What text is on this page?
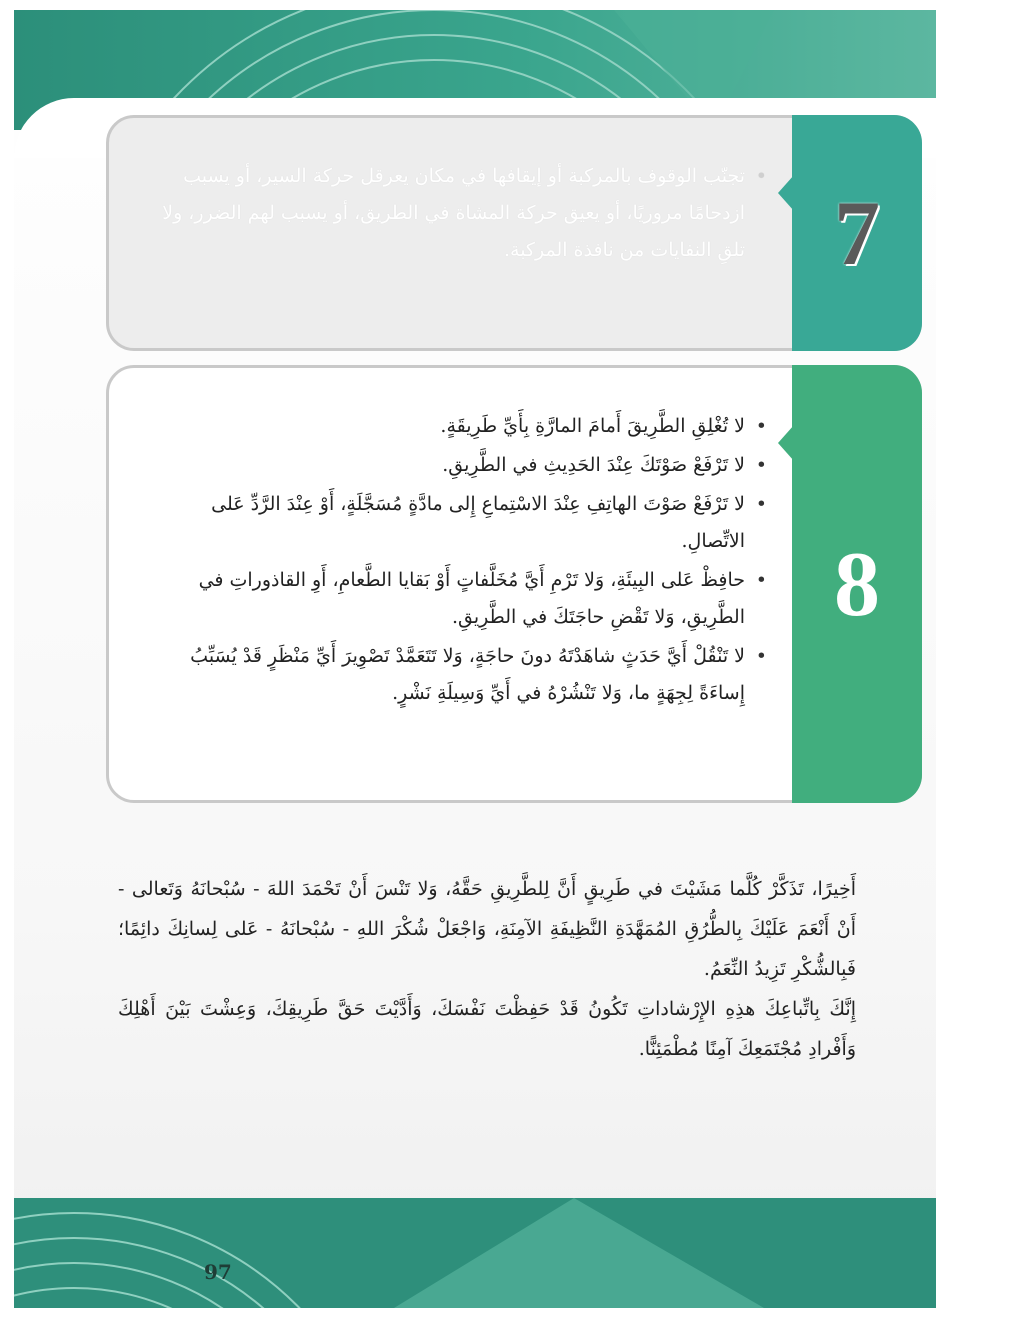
7
• تجنّب الوقوف بالمركبة أو إيقافها في مكان يعرقل حركة السير، أو يسبب ازدحامًا مروريًا، أو يعيق حركة المشاة في الطريق، أو يسبب لهم الضرر، ولا تلقِ النفايات من نافذة المركبة.
8
• لا تُغْلِقِ الطَّرِيقَ أَمامَ المارَّةِ بِأَيِّ طَرِيقَةٍ.
• لا تَرْفَعْ صَوْتَكَ عِنْدَ الحَدِيثِ في الطَّرِيقِ.
• لا تَرْفَعْ صَوْتَ الهاتِفِ عِنْدَ الاسْتِماعِ إِلى مادَّةٍ مُسَجَّلَةٍ، أَوْ عِنْدَ الرَّدِّ عَلى الاتِّصالِ.
• حافِظْ عَلى البِيئَةِ، وَلا تَرْمِ أَيَّ مُخَلَّفاتٍ أَوْ بَقايا الطَّعامِ، أَوِ القاذوراتِ في الطَّرِيقِ، وَلا تَقْضِ حاجَتَكَ في الطَّرِيقِ.
• لا تَنْقُلْ أَيَّ حَدَثٍ شاهَدْتَهُ دونَ حاجَةٍ، وَلا تَتَعَمَّدْ تَصْوِيرَ أَيِّ مَنْظَرٍ قَدْ يُسَبِّبُ إِساءَةً لِجِهَةٍ ما، وَلا تَنْشُرْهُ في أَيِّ وَسِيلَةِ نَشْرٍ.

أَخِيرًا، تَذَكَّرْ كُلَّما مَشَيْتَ في طَرِيقٍ أَنَّ لِلطَّرِيقِ حَقَّهُ، وَلا تَنْسَ أَنْ تَحْمَدَ اللهَ - سُبْحانَهُ وَتَعالى - أَنْ أَنْعَمَ عَلَيْكَ بِالطُّرُقِ المُمَهَّدَةِ النَّظِيفَةِ الآمِنَةِ، وَاجْعَلْ شُكْرَ اللهِ - سُبْحانَهُ - عَلى لِسانِكَ دائِمًا؛ فَبِالشُّكْرِ تَزِيدُ النِّعَمُ.

إِنَّكَ بِاتِّباعِكَ هذِهِ الإِرْشاداتِ تَكُونُ قَدْ حَفِظْتَ نَفْسَكَ، وَأَدَّيْتَ حَقَّ طَرِيقِكَ، وَعِشْتَ بَيْنَ أَهْلِكَ وَأَفْرادِ مُجْتَمَعِكَ آمِنًا مُطْمَئِنًّا.

97
